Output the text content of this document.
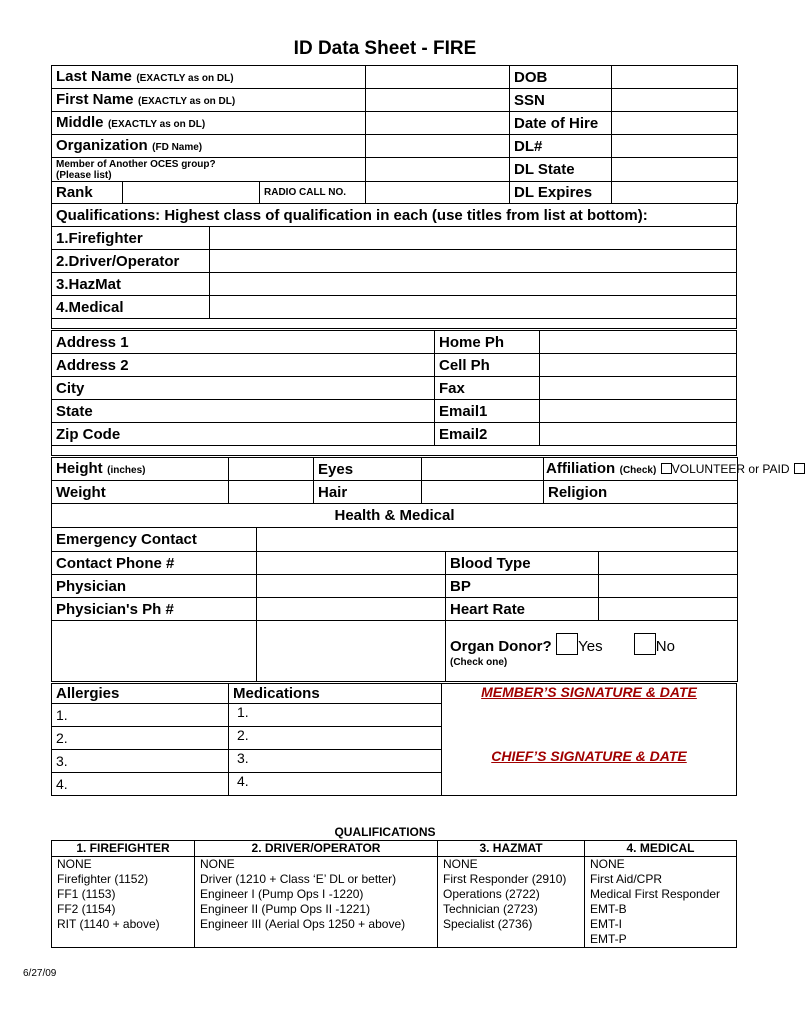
ID Data Sheet - FIRE
Last Name (EXACTLY as on DL)				DOB	
First Name (EXACTLY as on DL)				SSN	
Middle (EXACTLY as on DL)				Date of Hire	
Organization (FD Name)				DL#	

Member of Another OCES group?
(Please list)				DL State	
Rank		RADIO CALL NO.		DL Expires	
Qualifications: Highest class of qualification in each (use titles from list at bottom):	
1.Firefighter	
2.Driver/Operator	
3.HazMat	
4.Medical	

Address 1	Home Ph	
Address 2	Cell Ph	
City	Fax	
State	Email1	
Zip Code	Email2	

Height (inches)			Eyes			Affiliation (Check) VOLUNTEER or PAID	
Weight			Hair			Religion	
Health & Medical							
Emergency Contact							
Contact Phone #					Blood Type		
Physician					BP		
Physician's Ph #					Heart Rate		
					Organ Donor? Yes No
(Check one)		
Allergies	Medications	MEMBER’S SIGNATURE & DATE
CHIEF’S SIGNATURE & DATE

1.	1.	
2.	2.	
3.	3.	
4.	4.	
QUALIFICATIONS
1. FIREFIGHTER	2. DRIVER/OPERATOR	3. HAZMAT	4. MEDICAL
NONE	NONE	NONE	NONE
Firefighter (1152)	Driver (1210 + Class ‘E’ DL or better)	First Responder (2910)	First Aid/CPR
FF1 (1153)	Engineer I (Pump Ops I -1220)	Operations (2722)	Medical First Responder
FF2 (1154)	Engineer II (Pump Ops II -1221)	Technician (2723)	EMT-B
RIT (1140 + above)	Engineer III (Aerial Ops 1250 + above)	Specialist (2736)	EMT-I
			EMT-P
6/27/09
